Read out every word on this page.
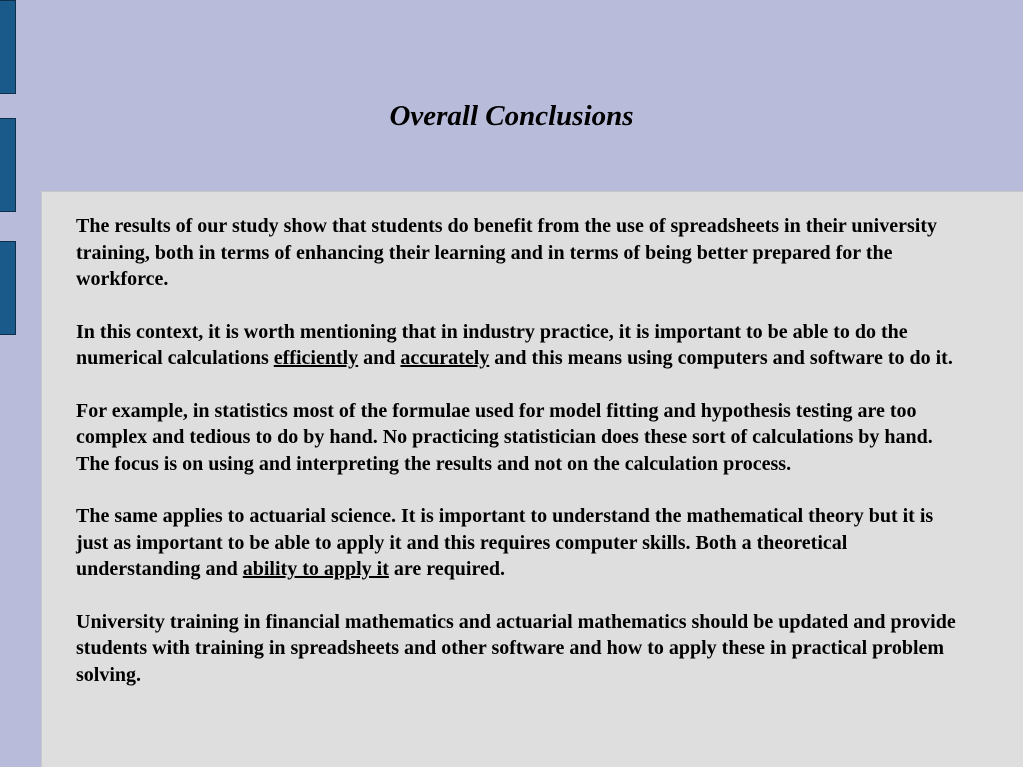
Overall Conclusions

The results of our study show that students do benefit from the use of spreadsheets in their university training, both in terms of enhancing their learning and in terms of being better prepared for the workforce.

In this context, it is worth mentioning that in industry practice, it is important to be able to do the numerical calculations efficiently and accurately and this means using computers and software to do it.

For example, in statistics most of the formulae used for model fitting and hypothesis testing are too complex and tedious to do by hand. No practicing statistician does these sort of calculations by hand. The focus is on using and interpreting the results and not on the calculation process.

The same applies to actuarial science. It is important to understand the mathematical theory but it is just as important to be able to apply it and this requires computer skills. Both a theoretical understanding and ability to apply it are required.

University training in financial mathematics and actuarial mathematics should be updated and provide students with training in spreadsheets and other software and how to apply these in practical problem solving.
